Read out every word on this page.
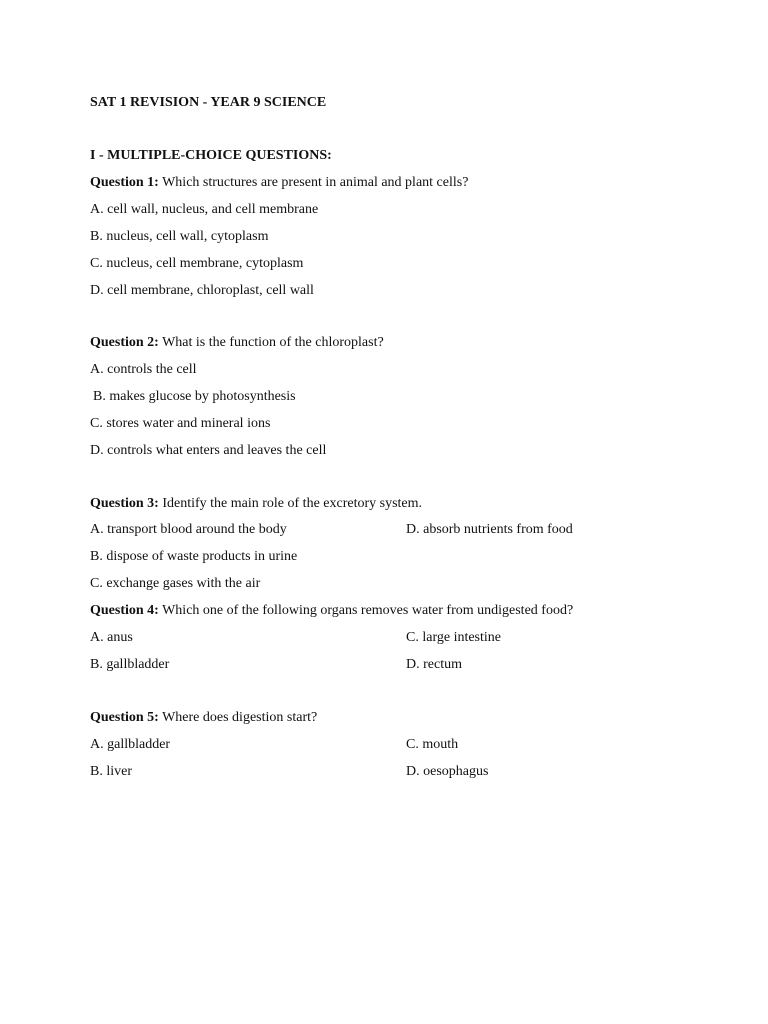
SAT 1 REVISION - YEAR 9 SCIENCE
I - MULTIPLE-CHOICE QUESTIONS:
Question 1: Which structures are present in animal and plant cells?
A. cell wall, nucleus, and cell membrane
B. nucleus, cell wall, cytoplasm
C. nucleus, cell membrane, cytoplasm
D. cell membrane, chloroplast, cell wall
Question 2: What is the function of the chloroplast?
A. controls the cell
B. makes glucose by photosynthesis
C. stores water and mineral ions
D. controls what enters and leaves the cell
Question 3: Identify the main role of the excretory system.
A. transport blood around the body	D. absorb nutrients from food
B. dispose of waste products in urine
C. exchange gases with the air
Question 4: Which one of the following organs removes water from undigested food?
A. anus	C. large intestine
B. gallbladder	D. rectum
Question 5: Where does digestion start?
A. gallbladder	C. mouth
B. liver	D. oesophagus
